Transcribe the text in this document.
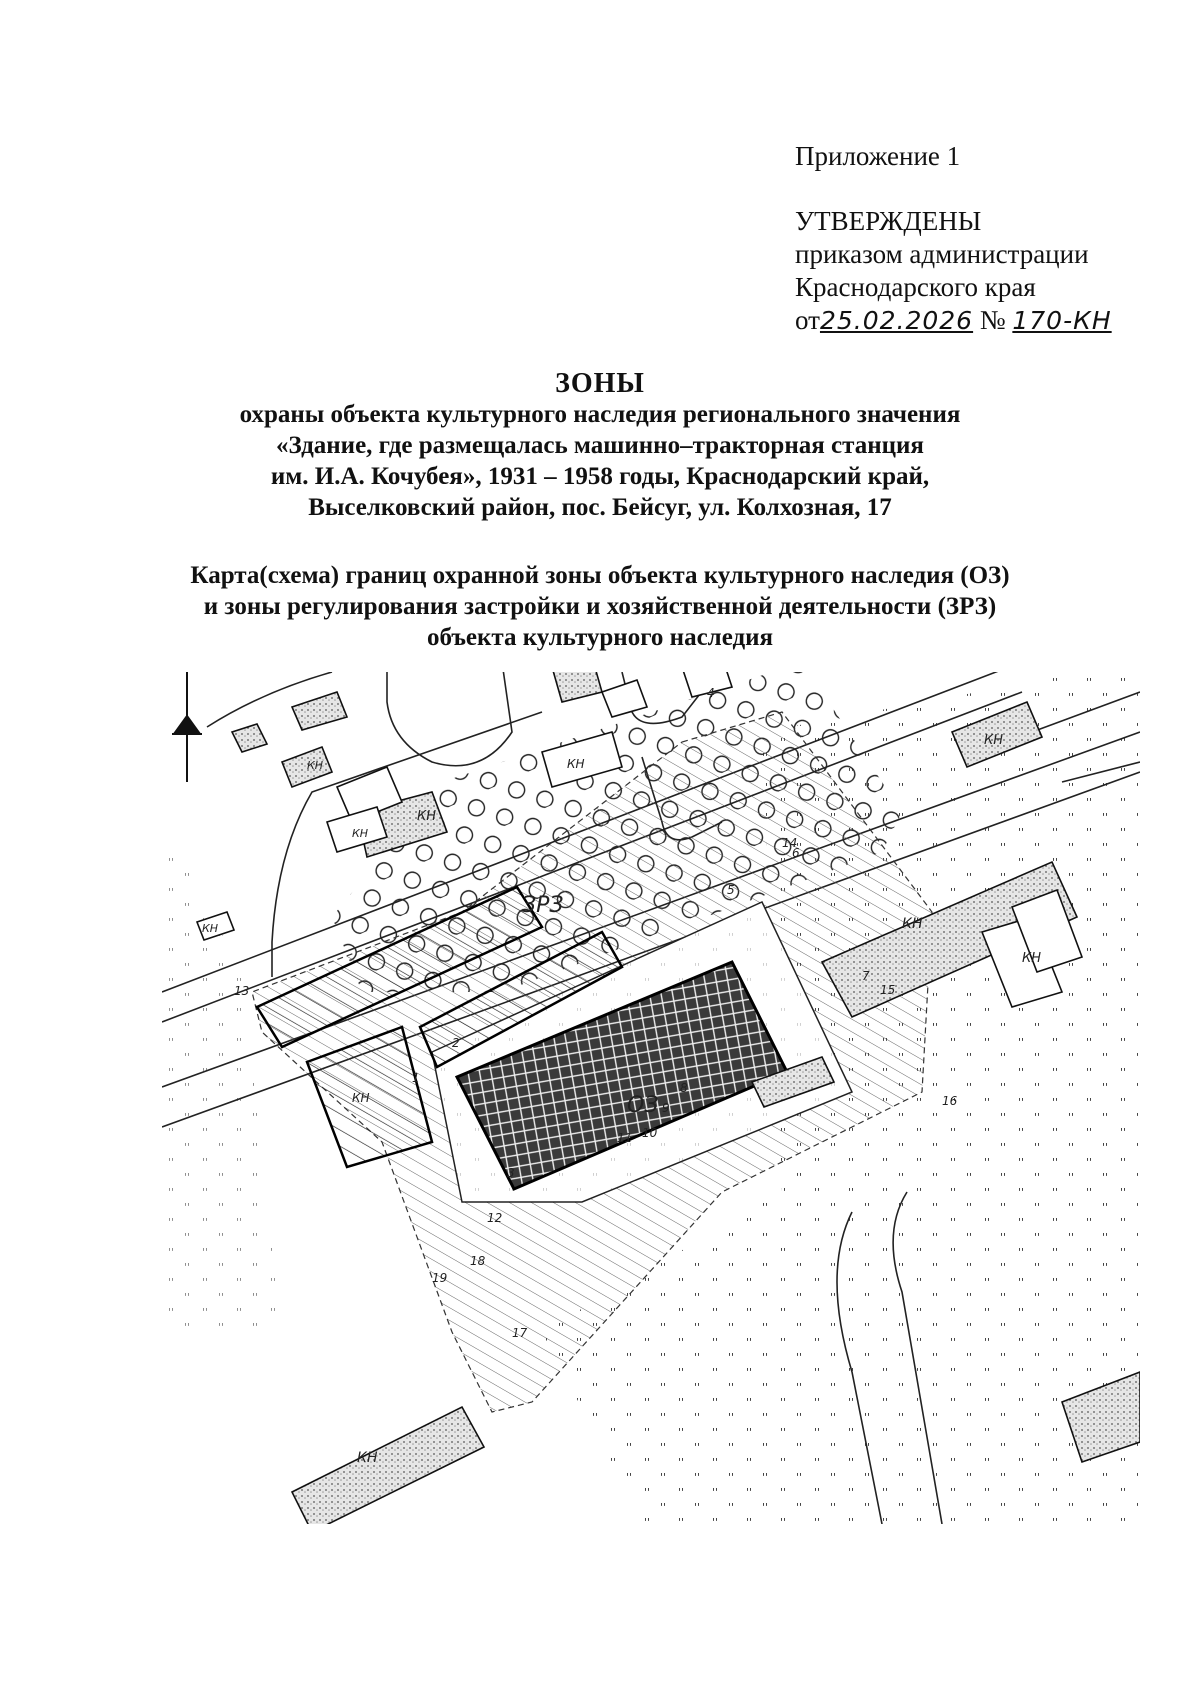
Приложение 1
УТВЕРЖДЕНЫ
приказом администрации
Краснодарского края
от25.02.2026 № 170-КН
ЗОНЫ
охраны объекта культурного наследия регионального значения
«Здание, где размещалась машинно–тракторная станция
им. И.А. Кочубея», 1931 – 1958 годы, Краснодарский край,
Выселковский район, пос. Бейсуг, ул. Колхозная, 17
Карта(схема) границ охранной зоны объекта культурного наследия (ОЗ)
и зоны регулирования застройки и хозяйственной деятельности (ЗРЗ)
объекта культурного наследия
КН
КН
КН
КН
КН
КН
КН
КН
КН
КН
ОЗ
ЗРЗ
1
2
3
4
5
6
7
8
9
10
11
12
13
14
15
16
17
18
19
